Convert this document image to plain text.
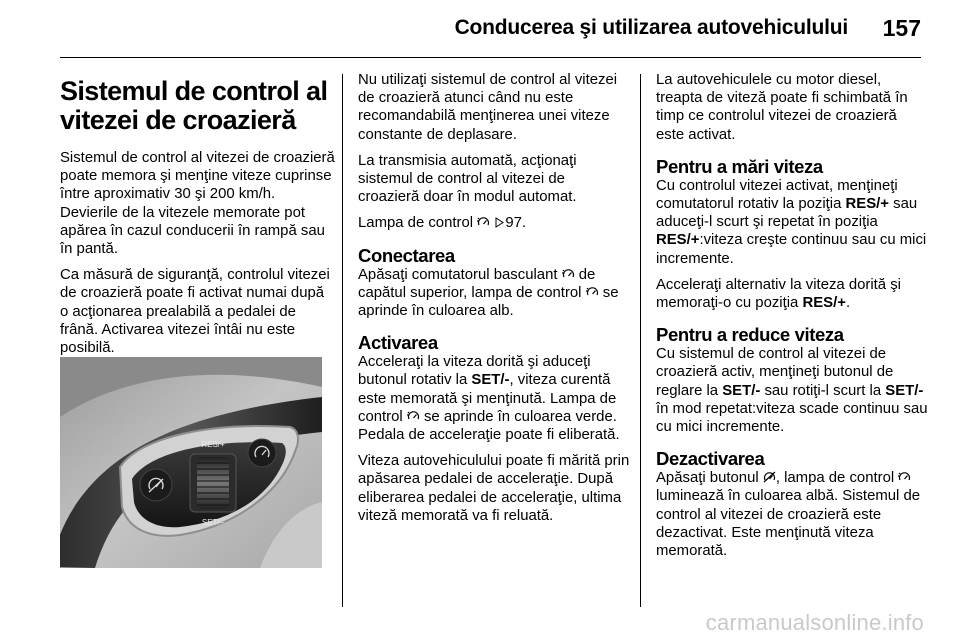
Conducerea şi utilizarea autovehiculului 157
Sistemul de control al vitezei de croazieră

Sistemul de control al vitezei de croazieră poate memora şi menţine viteze cuprinse între aproximativ 30 şi 200 km/h. Devierile de la vitezele memorate pot apărea în cazul conducerii în rampă sau în pantă.

Ca măsură de siguranţă, controlul vitezei de croazieră poate fi activat numai după o acţionarea prealabilă a pedalei de frână. Activarea vitezei întâi nu este posibilă.

RES/+
SET/–

Nu utilizaţi sistemul de control al vitezei de croazieră atunci când nu este recomandabilă menţinerea unei viteze constante de deplasare.

La transmisia automată, acţionaţi sistemul de control al vitezei de croazieră doar în modul automat.

Lampa de control 97.

Conectarea

Apăsaţi comutatorul basculant de capătul superior, lampa de control se aprinde în culoarea alb.

Activarea

Acceleraţi la viteza dorită şi aduceţi butonul rotativ la SET/-, viteza curentă este memorată şi menţinută. Lampa de control se aprinde în culoarea verde. Pedala de acceleraţie poate fi eliberată.

Viteza autovehiculului poate fi mărită prin apăsarea pedalei de acceleraţie. După eliberarea pedalei de acceleraţie, ultima viteză memorată va fi reluată.

La autovehiculele cu motor diesel, treapta de viteză poate fi schimbată în timp ce controlul vitezei de croazieră este activat.

Pentru a mări viteza

Cu controlul vitezei activat, menţineţi comutatorul rotativ la poziţia RES/+ sau aduceţi-l scurt şi repetat în poziţia RES/+:viteza creşte continuu sau cu mici incremente.

Acceleraţi alternativ la viteza dorită şi memoraţi-o cu poziţia RES/+.

Pentru a reduce viteza

Cu sistemul de control al vitezei de croazieră activ, menţineţi butonul de reglare la SET/- sau rotiţi-l scurt la SET/- în mod repetat:viteza scade continuu sau cu mici incremente.

Dezactivarea

Apăsaţi butonul , lampa de control  luminează în culoarea albă. Sistemul de control al vitezei de croazieră este dezactivat. Este menţinută viteza memorată.

carmanualsonline.info
